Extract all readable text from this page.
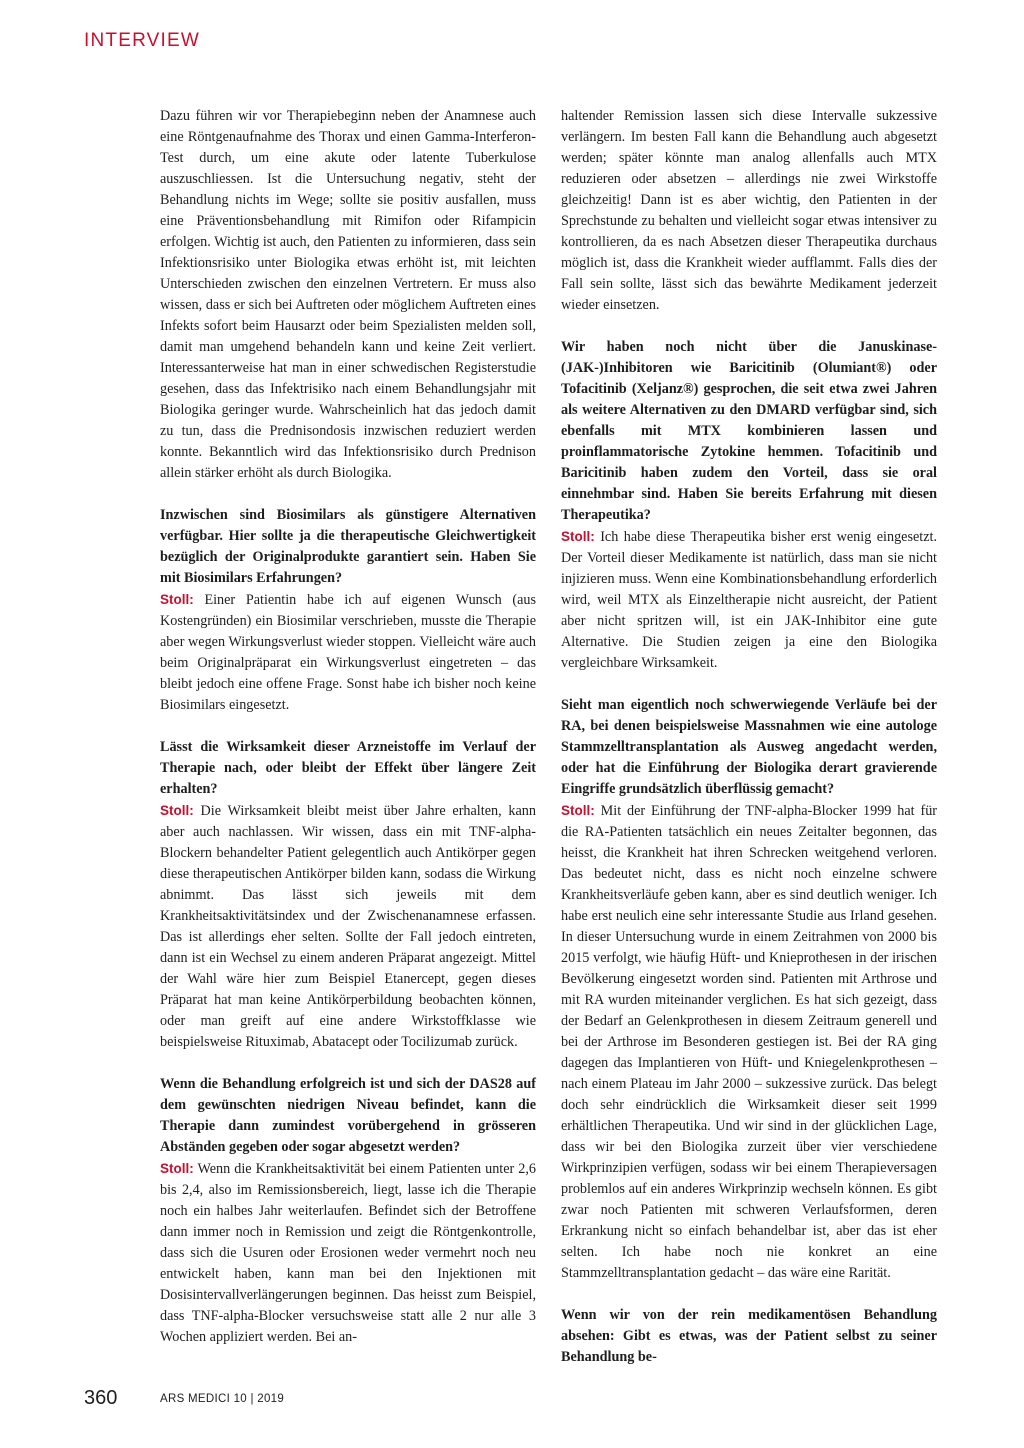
INTERVIEW

Dazu führen wir vor Therapiebeginn neben der Anamnese auch eine Röntgenaufnahme des Thorax und einen Gamma-Interferon-Test durch, um eine akute oder latente Tuberkulose auszuschliessen. Ist die Untersuchung negativ, steht der Behandlung nichts im Wege; sollte sie positiv ausfallen, muss eine Präventionsbehandlung mit Rimifon oder Rifampicin erfolgen. Wichtig ist auch, den Patienten zu informieren, dass sein Infektionsrisiko unter Biologika etwas erhöht ist, mit leichten Unterschieden zwischen den einzelnen Vertretern. Er muss also wissen, dass er sich bei Auftreten oder möglichem Auftreten eines Infekts sofort beim Hausarzt oder beim Spezialisten melden soll, damit man umgehend behandeln kann und keine Zeit verliert. Interessanterweise hat man in einer schwedischen Registerstudie gesehen, dass das Infektrisiko nach einem Behandlungsjahr mit Biologika geringer wurde. Wahrscheinlich hat das jedoch damit zu tun, dass die Prednisondosis inzwischen reduziert werden konnte. Bekanntlich wird das Infektionsrisiko durch Prednison allein stärker erhöht als durch Biologika.

Inzwischen sind Biosimilars als günstigere Alternativen verfügbar. Hier sollte ja die therapeutische Gleichwertigkeit bezüglich der Originalprodukte garantiert sein. Haben Sie mit Biosimilars Erfahrungen?

Stoll: Einer Patientin habe ich auf eigenen Wunsch (aus Kostengründen) ein Biosimilar verschrieben, musste die Therapie aber wegen Wirkungsverlust wieder stoppen. Vielleicht wäre auch beim Originalpräparat ein Wirkungsverlust eingetreten – das bleibt jedoch eine offene Frage. Sonst habe ich bisher noch keine Biosimilars eingesetzt.

Lässt die Wirksamkeit dieser Arzneistoffe im Verlauf der Therapie nach, oder bleibt der Effekt über längere Zeit erhalten?

Stoll: Die Wirksamkeit bleibt meist über Jahre erhalten, kann aber auch nachlassen. Wir wissen, dass ein mit TNF-alpha-Blockern behandelter Patient gelegentlich auch Antikörper gegen diese therapeutischen Antikörper bilden kann, sodass die Wirkung abnimmt. Das lässt sich jeweils mit dem Krankheitsaktivitätsindex und der Zwischenanamnese erfassen. Das ist allerdings eher selten. Sollte der Fall jedoch eintreten, dann ist ein Wechsel zu einem anderen Präparat angezeigt. Mittel der Wahl wäre hier zum Beispiel Etanercept, gegen dieses Präparat hat man keine Antikörperbildung beobachten können, oder man greift auf eine andere Wirkstoffklasse wie beispielsweise Rituximab, Abatacept oder Tocilizumab zurück.

Wenn die Behandlung erfolgreich ist und sich der DAS28 auf dem gewünschten niedrigen Niveau befindet, kann die Therapie dann zumindest vorübergehend in grösseren Abständen gegeben oder sogar abgesetzt werden?

Stoll: Wenn die Krankheitsaktivität bei einem Patienten unter 2,6 bis 2,4, also im Remissionsbereich, liegt, lasse ich die Therapie noch ein halbes Jahr weiterlaufen. Befindet sich der Betroffene dann immer noch in Remission und zeigt die Röntgenkontrolle, dass sich die Usuren oder Erosionen weder vermehrt noch neu entwickelt haben, kann man bei den Injektionen mit Dosisintervallverlängerungen beginnen. Das heisst zum Beispiel, dass TNF-alpha-Blocker versuchsweise statt alle 2 nur alle 3 Wochen appliziert werden. Bei an-

haltender Remission lassen sich diese Intervalle sukzessive verlängern. Im besten Fall kann die Behandlung auch abgesetzt werden; später könnte man analog allenfalls auch MTX reduzieren oder absetzen – allerdings nie zwei Wirkstoffe gleichzeitig! Dann ist es aber wichtig, den Patienten in der Sprechstunde zu behalten und vielleicht sogar etwas intensiver zu kontrollieren, da es nach Absetzen dieser Therapeutika durchaus möglich ist, dass die Krankheit wieder aufflammt. Falls dies der Fall sein sollte, lässt sich das bewährte Medikament jederzeit wieder einsetzen.

Wir haben noch nicht über die Januskinase-(JAK-)Inhibitoren wie Baricitinib (Olumiant®) oder Tofacitinib (Xeljanz®) gesprochen, die seit etwa zwei Jahren als weitere Alternativen zu den DMARD verfügbar sind, sich ebenfalls mit MTX kombinieren lassen und proinflammatorische Zytokine hemmen. Tofacitinib und Baricitinib haben zudem den Vorteil, dass sie oral einnehmbar sind. Haben Sie bereits Erfahrung mit diesen Therapeutika?

Stoll: Ich habe diese Therapeutika bisher erst wenig eingesetzt. Der Vorteil dieser Medikamente ist natürlich, dass man sie nicht injizieren muss. Wenn eine Kombinationsbehandlung erforderlich wird, weil MTX als Einzeltherapie nicht ausreicht, der Patient aber nicht spritzen will, ist ein JAK-Inhibitor eine gute Alternative. Die Studien zeigen ja eine den Biologika vergleichbare Wirksamkeit.

Sieht man eigentlich noch schwerwiegende Verläufe bei der RA, bei denen beispielsweise Massnahmen wie eine autologe Stammzelltransplantation als Ausweg angedacht werden, oder hat die Einführung der Biologika derart gravierende Eingriffe grundsätzlich überflüssig gemacht?

Stoll: Mit der Einführung der TNF-alpha-Blocker 1999 hat für die RA-Patienten tatsächlich ein neues Zeitalter begonnen, das heisst, die Krankheit hat ihren Schrecken weitgehend verloren. Das bedeutet nicht, dass es nicht noch einzelne schwere Krankheitsverläufe geben kann, aber es sind deutlich weniger. Ich habe erst neulich eine sehr interessante Studie aus Irland gesehen. In dieser Untersuchung wurde in einem Zeitrahmen von 2000 bis 2015 verfolgt, wie häufig Hüft- und Knieprothesen in der irischen Bevölkerung eingesetzt worden sind. Patienten mit Arthrose und mit RA wurden miteinander verglichen. Es hat sich gezeigt, dass der Bedarf an Gelenkprothesen in diesem Zeitraum generell und bei der Arthrose im Besonderen gestiegen ist. Bei der RA ging dagegen das Implantieren von Hüft- und Kniegelenkprothesen – nach einem Plateau im Jahr 2000 – sukzessive zurück. Das belegt doch sehr eindrücklich die Wirksamkeit dieser seit 1999 erhältlichen Therapeutika. Und wir sind in der glücklichen Lage, dass wir bei den Biologika zurzeit über vier verschiedene Wirkprinzipien verfügen, sodass wir bei einem Therapieversagen problemlos auf ein anderes Wirkprinzip wechseln können. Es gibt zwar noch Patienten mit schweren Verlaufsformen, deren Erkrankung nicht so einfach behandelbar ist, aber das ist eher selten. Ich habe noch nie konkret an eine Stammzelltransplantation gedacht – das wäre eine Rarität.

Wenn wir von der rein medikamentösen Behandlung absehen: Gibt es etwas, was der Patient selbst zu seiner Behandlung be-

360	ARS MEDICI 10 | 2019
